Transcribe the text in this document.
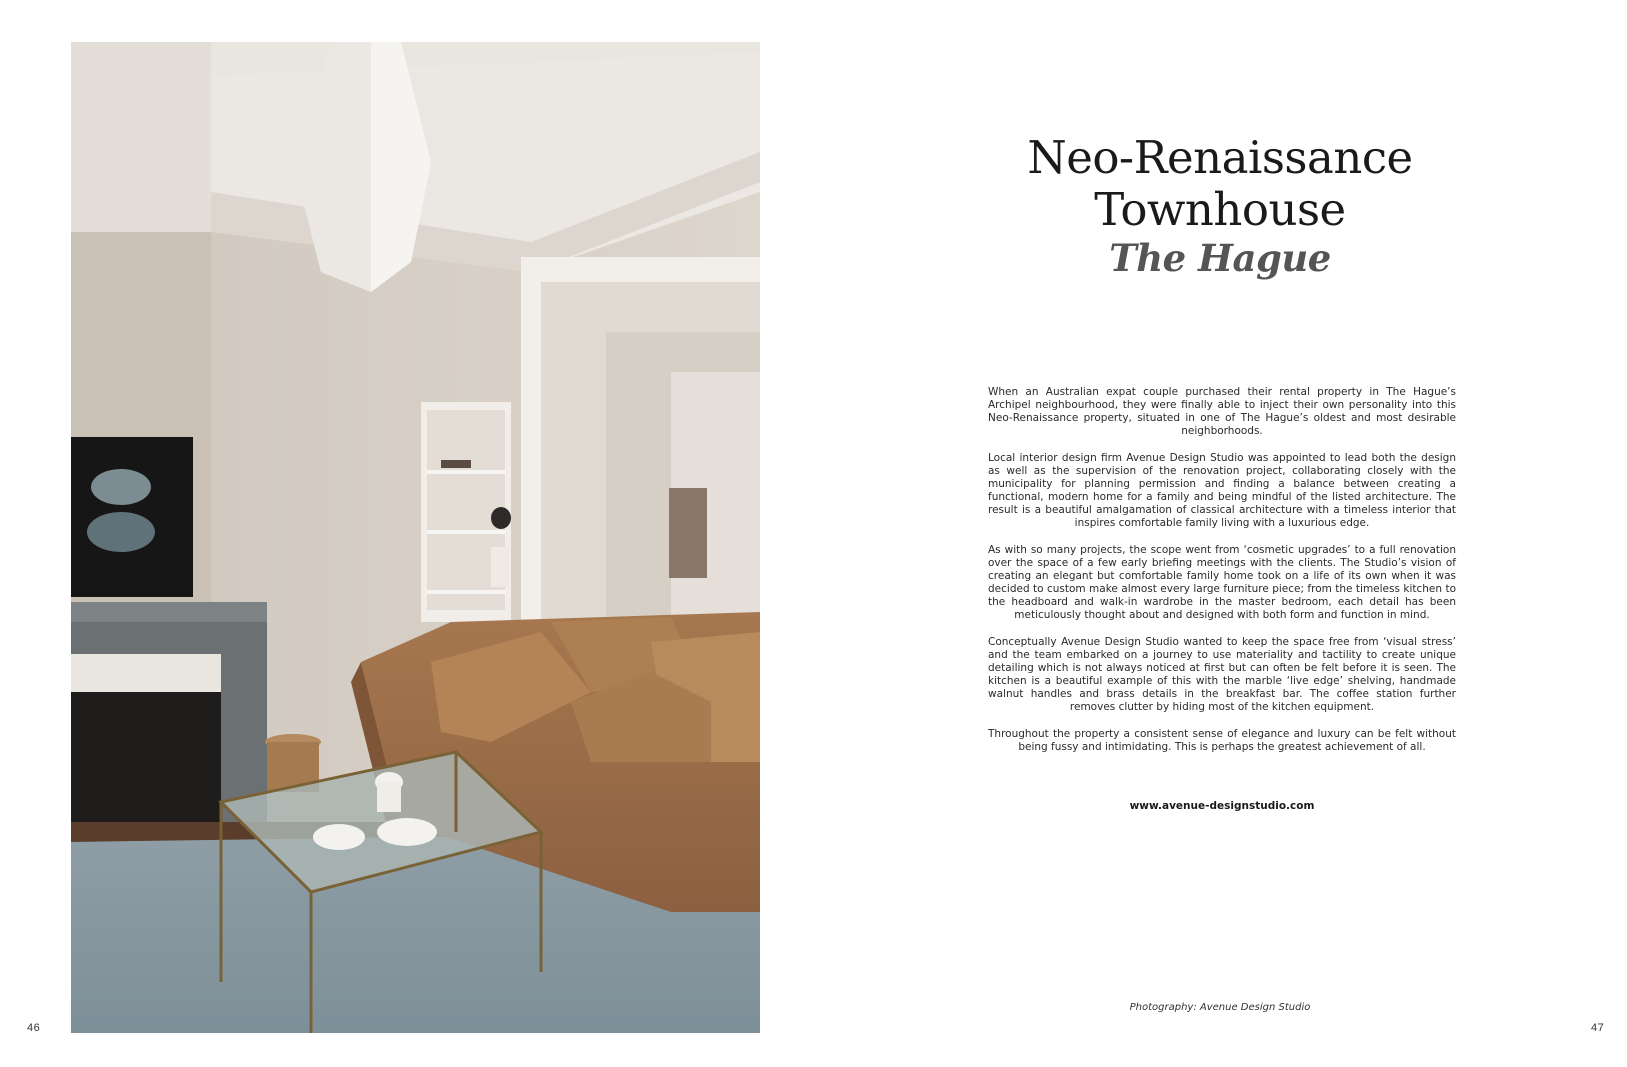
46	47
Neo-Renaissance
Townhouse
The Hague

When an Australian expat couple purchased their rental property in The Hague’s Archipel neighbourhood, they were finally able to inject their own personality into this Neo-Renaissance property, situated in one of The Hague’s oldest and most desirable neighborhoods.

Local interior design firm Avenue Design Studio was appointed to lead both the design as well as the supervision of the renovation project, collaborating closely with the municipality for planning permission and finding a balance between creating a functional, modern home for a family and being mindful of the listed architecture. The result is a beautiful amalgamation of classical architecture with a timeless interior that inspires comfortable family living with a luxurious edge.

As with so many projects, the scope went from ‘cosmetic upgrades’ to a full renovation over the space of a few early briefing meetings with the clients. The Studio’s vision of creating an elegant but comfortable family home took on a life of its own when it was decided to custom make almost every large furniture piece; from the timeless kitchen to the headboard and walk-in wardrobe in the master bedroom, each detail has been meticulously thought about and designed with both form and function in mind.

Conceptually Avenue Design Studio wanted to keep the space free from ‘visual stress’ and the team embarked on a journey to use materiality and tactility to create unique detailing which is not always noticed at first but can often be felt before it is seen. The kitchen is a beautiful example of this with the marble ‘live edge’ shelving, handmade walnut handles and brass details in the breakfast bar. The coffee station further removes clutter by hiding most of the kitchen equipment.

Throughout the property a consistent sense of elegance and luxury can be felt without being fussy and intimidating. This is perhaps the greatest achievement of all.

www.avenue-designstudio.com
Photography: Avenue Design Studio
